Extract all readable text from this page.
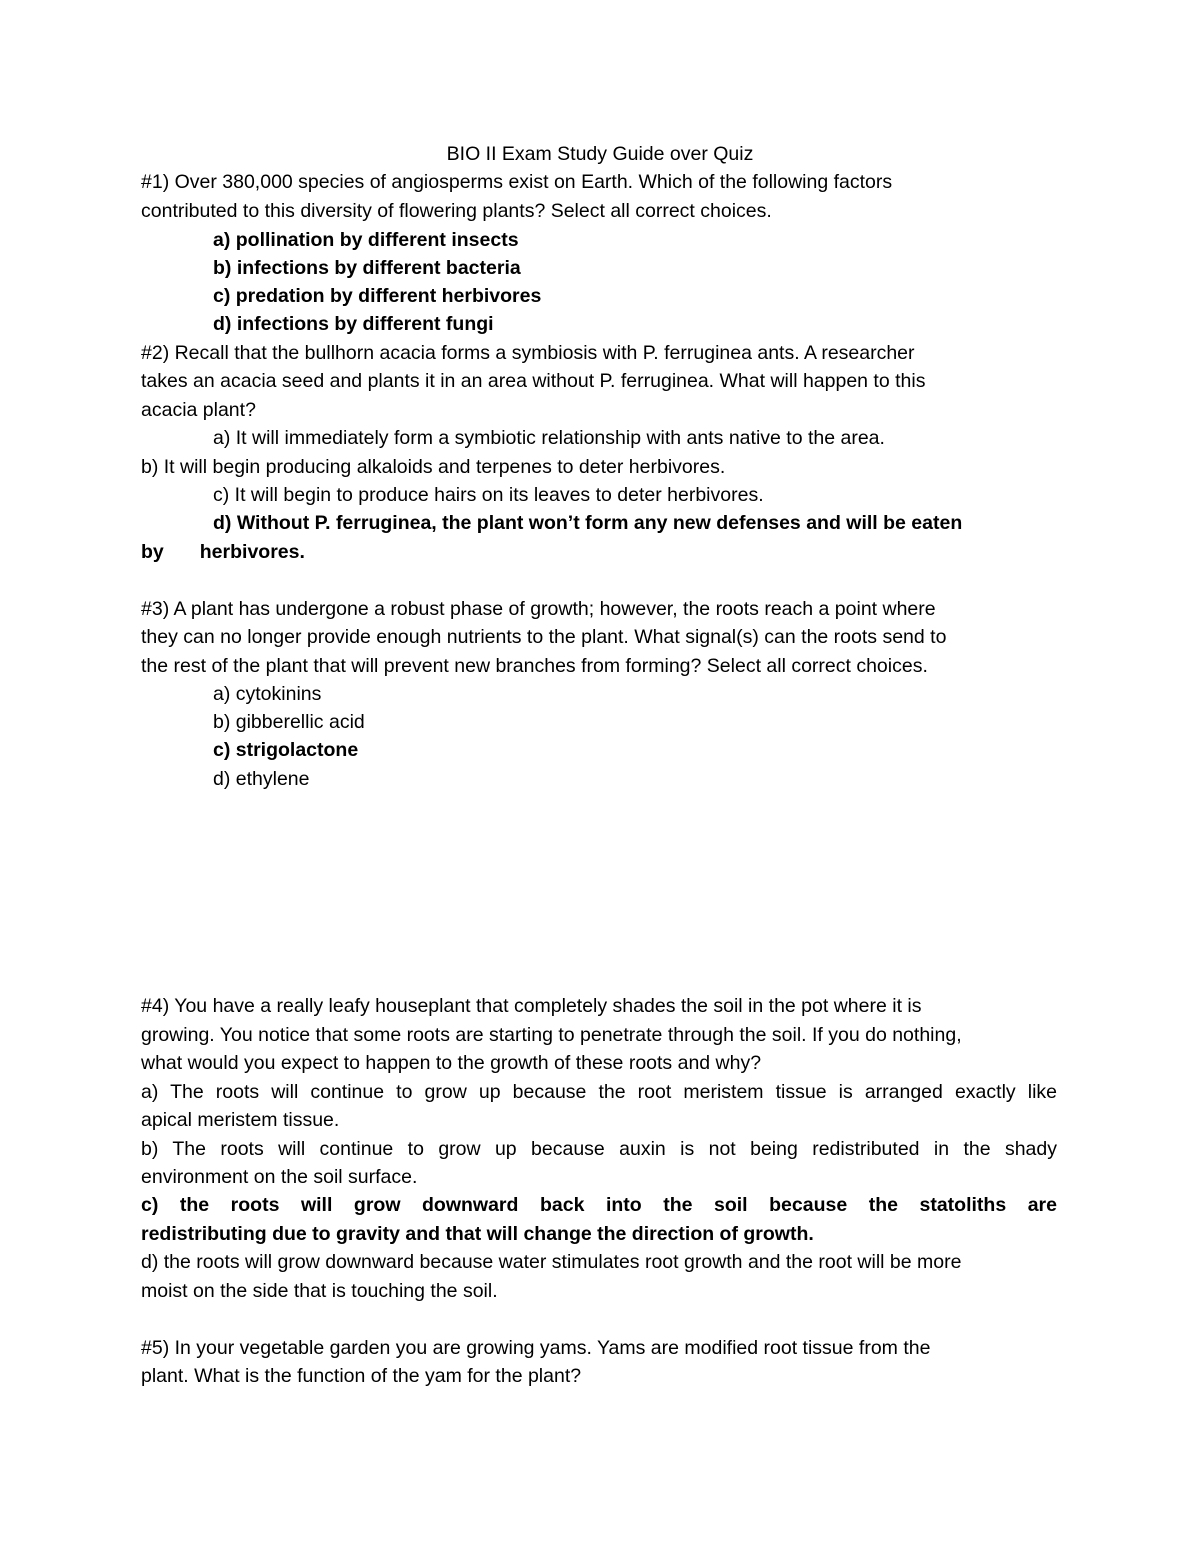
BIO II Exam Study Guide over Quiz
#1) Over 380,000 species of angiosperms exist on Earth. Which of the following factors
contributed to this diversity of flowering plants? Select all correct choices.
a) pollination by different insects
b) infections by different bacteria
c) predation by different herbivores
d) infections by different fungi
#2) Recall that the bullhorn acacia forms a symbiosis with P. ferruginea ants. A researcher
takes an acacia seed and plants it in an area without P. ferruginea. What will happen to this
acacia plant?
a) It will immediately form a symbiotic relationship with ants native to the area.
b) It will begin producing alkaloids and terpenes to deter herbivores.
c) It will begin to produce hairs on its leaves to deter herbivores.
d) Without P. ferruginea, the plant won’t form any new defenses and will be eaten
by herbivores.
#3) A plant has undergone a robust phase of growth; however, the roots reach a point where
they can no longer provide enough nutrients to the plant. What signal(s) can the roots send to
the rest of the plant that will prevent new branches from forming? Select all correct choices.
a) cytokinins
b) gibberellic acid
c) strigolactone
d) ethylene
#4) You have a really leafy houseplant that completely shades the soil in the pot where it is
growing. You notice that some roots are starting to penetrate through the soil. If you do nothing,
what would you expect to happen to the growth of these roots and why?
a) The roots will continue to grow up because the root meristem tissue is arranged exactly like
apical meristem tissue.
b) The roots will continue to grow up because auxin is not being redistributed in the shady
environment on the soil surface.
c) the roots will grow downward back into the soil because the statoliths are
redistributing due to gravity and that will change the direction of growth.
d) the roots will grow downward because water stimulates root growth and the root will be more
moist on the side that is touching the soil.
#5) In your vegetable garden you are growing yams. Yams are modified root tissue from the
plant. What is the function of the yam for the plant?
